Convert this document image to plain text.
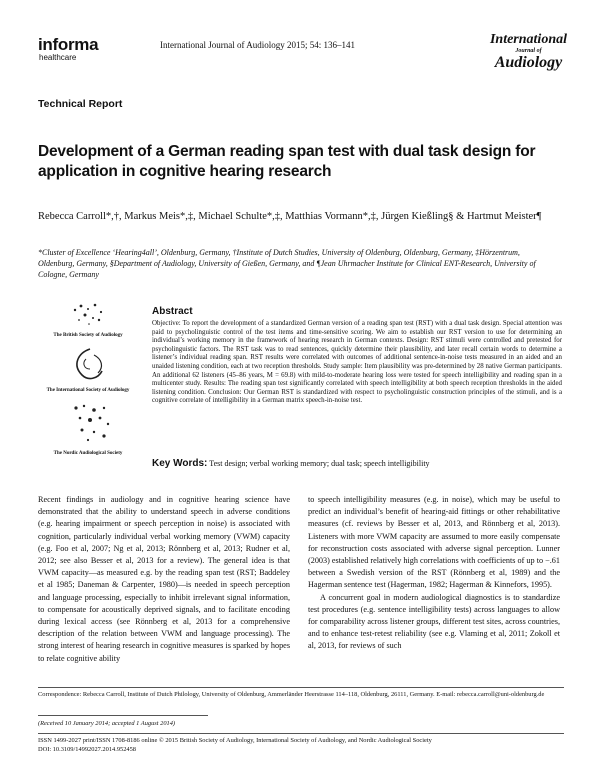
informa
healthcare
International Journal of Audiology 2015; 54: 136–141	International
Journal of
Audiology
Technical Report
Development of a German reading span test with dual task design for application in cognitive hearing research
Rebecca Carroll*,†, Markus Meis*,‡, Michael Schulte*,‡, Matthias Vormann*,‡, Jürgen Kießling§ & Hartmut Meister¶
*Cluster of Excellence ‘Hearing4all’, Oldenburg, Germany, †Institute of Dutch Studies, University of Oldenburg, Oldenburg, Germany, ‡Hörzentrum, Oldenburg, Germany, §Department of Audiology, University of Gießen, Germany, and ¶Jean Uhrmacher Institute for Clinical ENT-Research, University of Cologne, Germany
The British Society of Audiology
The International Society of Audiology
The Nordic Audiological Society
Abstract
Objective: To report the development of a standardized German version of a reading span test (RST) with a dual task design. Special attention was paid to psycholinguistic control of the test items and time-sensitive scoring. We aim to establish our RST version to use for determining an individual’s working memory in the framework of hearing research in German contexts. Design: RST stimuli were controlled and pretested for psycholinguistic factors. The RST task was to read sentences, quickly determine their plausibility, and later recall certain words to determine a listener’s individual reading span. RST results were correlated with outcomes of additional sentence-in-noise tests measured in an aided and an unaided listening condition, each at two reception thresholds. Study sample: Item plausibility was pre-determined by 28 native German participants. An additional 62 listeners (45–86 years, M = 69.8) with mild-to-moderate hearing loss were tested for speech intelligibility and reading span in a multicenter study. Results: The reading span test significantly correlated with speech intelligibility at both speech reception thresholds in the aided listening condition. Conclusion: Our German RST is standardized with respect to psycholinguistic construction principles of the stimuli, and is a cognitive correlate of intelligibility in a German matrix speech-in-noise test.
Key Words: Test design; verbal working memory; dual task; speech intelligibility

Recent findings in audiology and in cognitive hearing science have demonstrated that the ability to understand speech in adverse conditions (e.g. hearing impairment or speech perception in noise) is associated with cognition, particularly individual verbal working memory (VWM) capacity (e.g. Foo et al, 2007; Ng et al, 2013; Rönnberg et al, 2013; Rudner et al, 2012; see also Besser et al, 2013 for a review). The general idea is that VWM capacity—as measured e.g. by the reading span test (RST; Baddeley et al 1985; Daneman & Carpenter, 1980)—is needed in speech perception and language processing, especially to inhibit irrelevant signal information, to compensate for acoustically deprived signals, and to facilitate encoding during lexical access (see Rönnberg et al, 2013 for a comprehensive description of the relation between VWM and language processing). The strong interest of hearing research in cognitive measures is sparked by hopes to relate cognitive ability

to speech intelligibility measures (e.g. in noise), which may be useful to predict an individual’s benefit of hearing-aid fittings or other rehabilitative measures (cf. reviews by Besser et al, 2013, and Rönnberg et al, 2013). Listeners with more VWM capacity are assumed to more easily compensate for reconstruction costs associated with adverse signal perception. Lunner (2003) established relatively high correlations with coefficients of up to −.61 between a Swedish version of the RST (Rönnberg et al, 1989) and the Hagerman sentence test (Hagerman, 1982; Hagerman & Kinnefors, 1995).

A concurrent goal in modern audiological diagnostics is to standardize test procedures (e.g. sentence intelligibility tests) across languages to allow for comparability across listener groups, different test sites, across countries, and to enhance test-retest reliability (see e.g. Vlaming et al, 2011; Zokoll et al, 2013, for reviews of such

Correspondence: Rebecca Carroll, Institute of Dutch Philology, University of Oldenburg, Ammerländer Heerstrasse 114–118, Oldenburg, 26111, Germany. E-mail: rebecca.carroll@uni-oldenburg.de
(Received 10 January 2014; accepted 1 August 2014)
ISSN 1499-2027 print/ISSN 1708-8186 online © 2015 British Society of Audiology, International Society of Audiology, and Nordic Audiological Society
DOI: 10.3109/14992027.2014.952458
